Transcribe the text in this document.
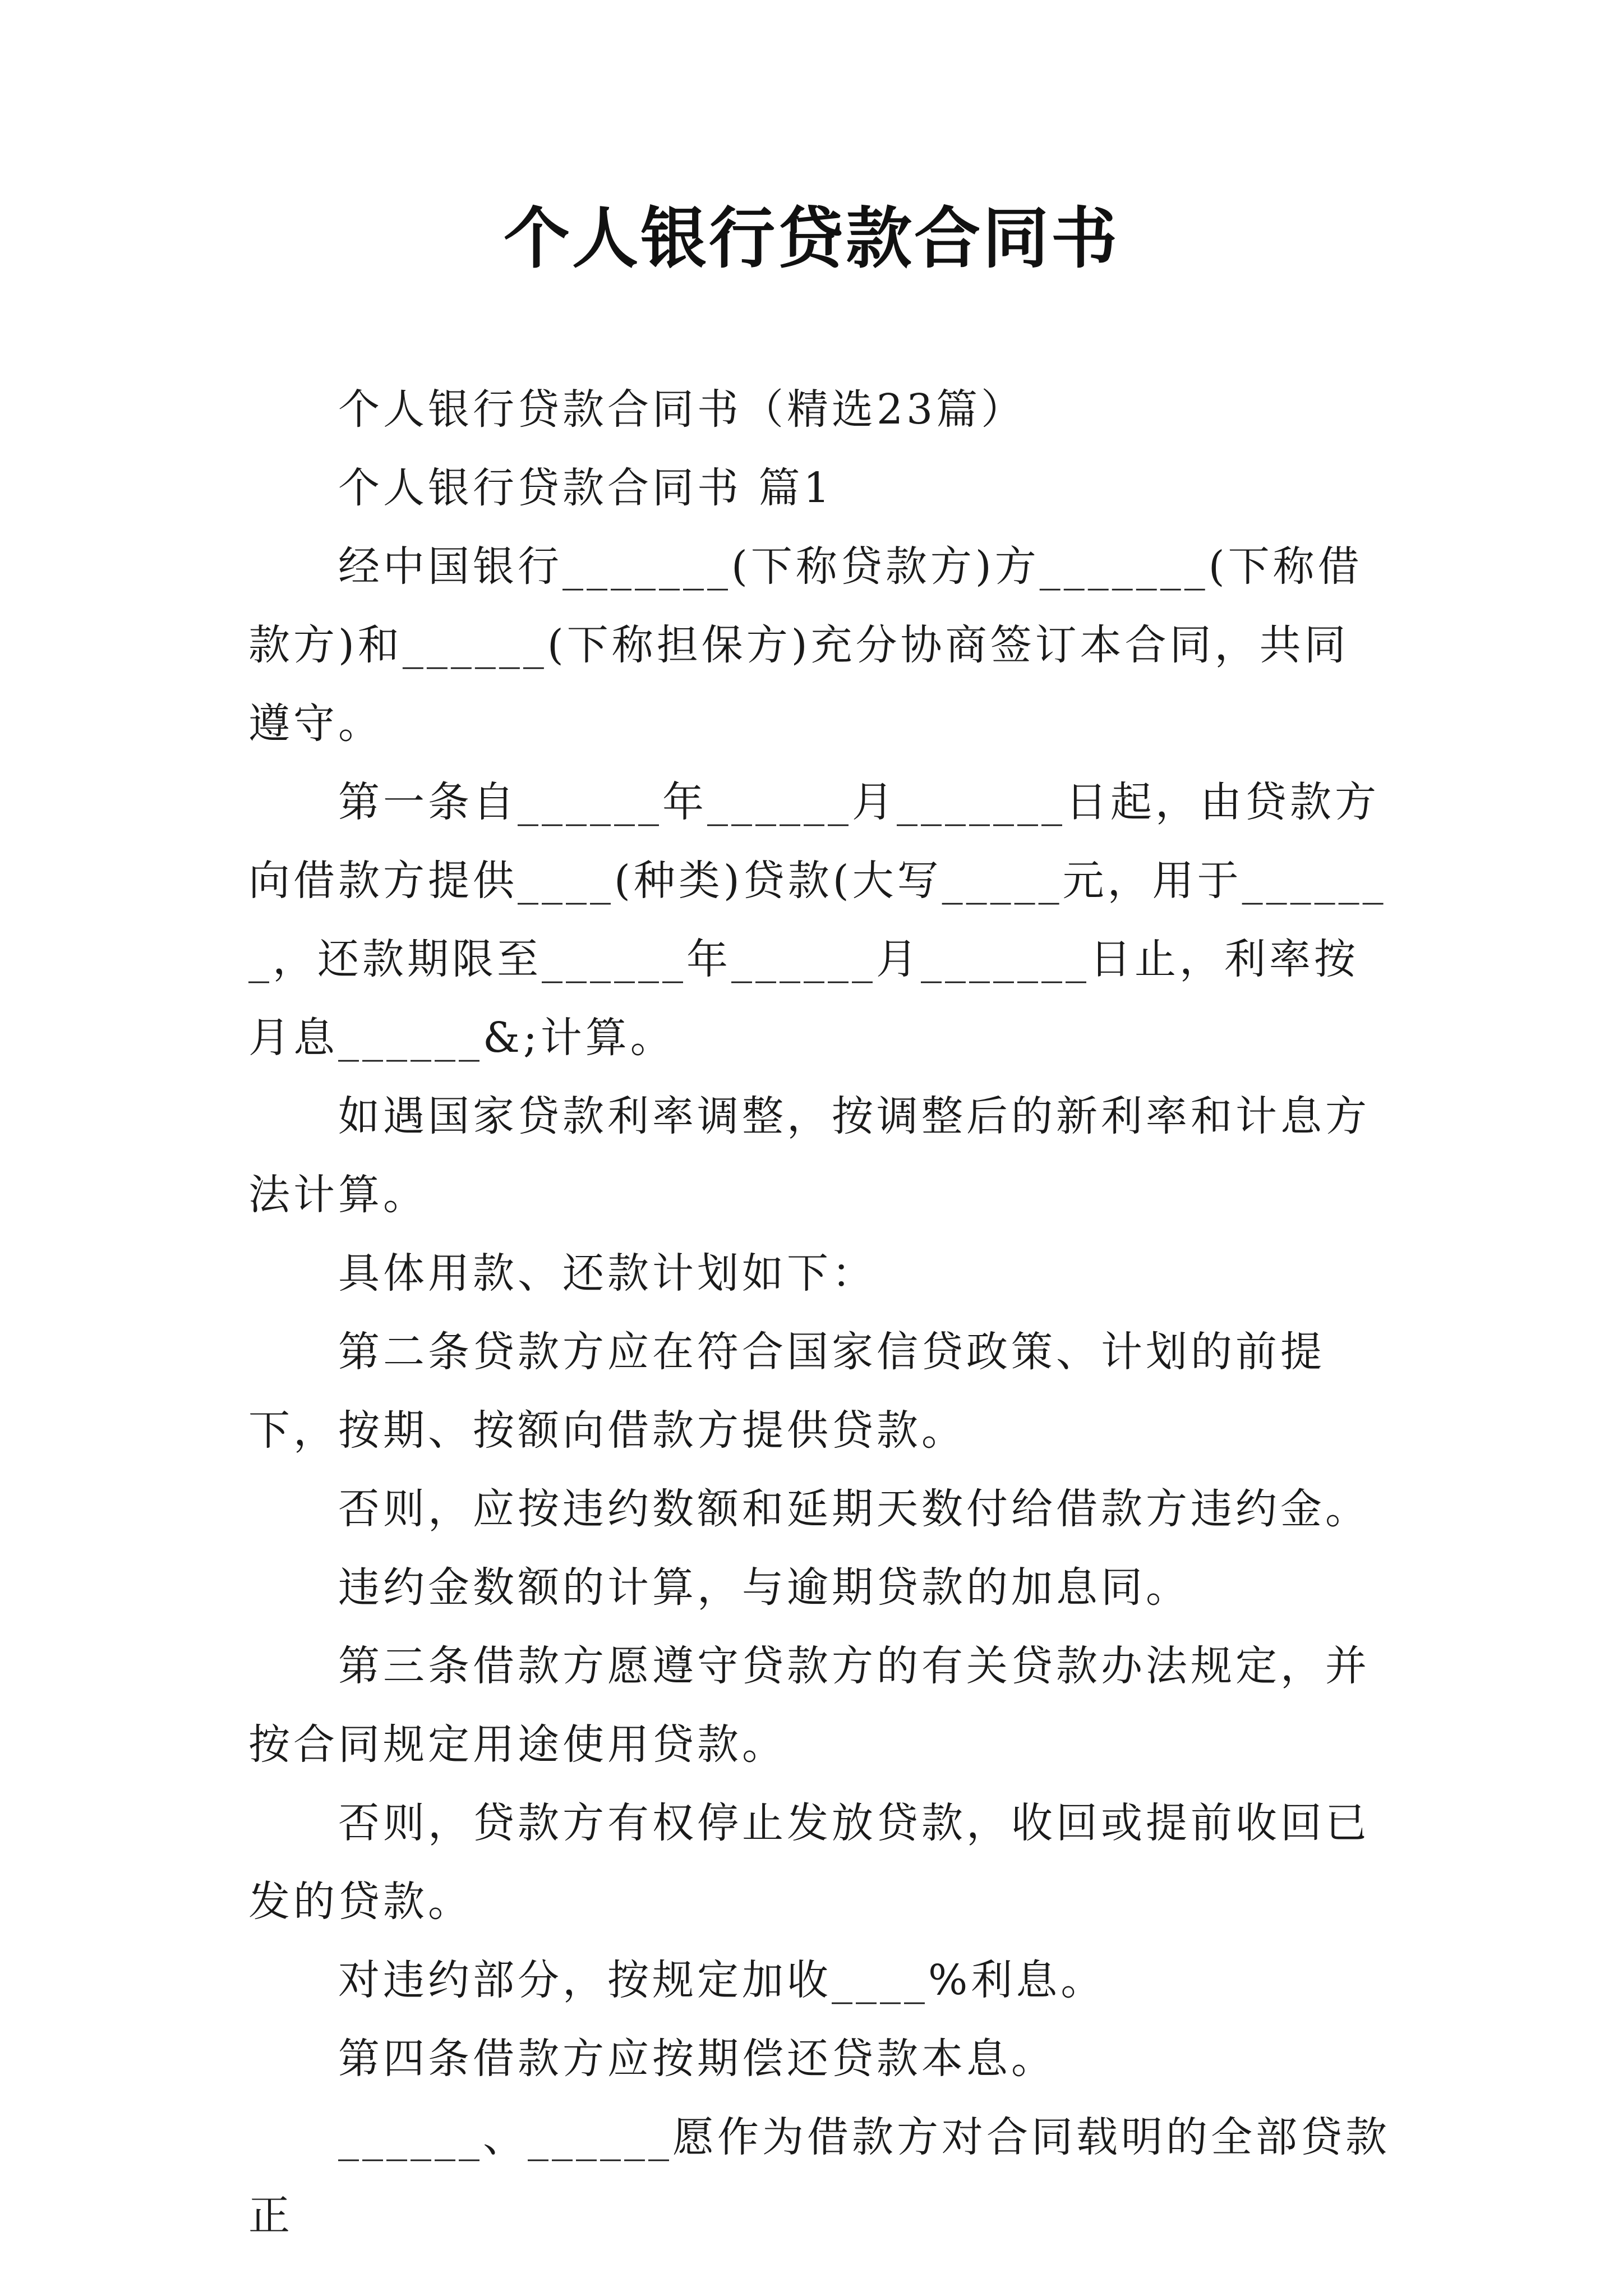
个人银行贷款合同书

个人银行贷款合同书（精选23篇）

个人银行贷款合同书 篇1

经中国银行_______(下称贷款方)方_______(下称借款方)和______(下称担保方)充分协商签订本合同，共同遵守。

第一条自______年______月_______日起，由贷款方向借款方提供____(种类)贷款(大写_____元，用于_______，还款期限至______年______月_______日止，利率按月息______&;计算。

如遇国家贷款利率调整，按调整后的新利率和计息方法计算。

具体用款、还款计划如下：

第二条贷款方应在符合国家信贷政策、计划的前提下，按期、按额向借款方提供贷款。

否则，应按违约数额和延期天数付给借款方违约金。

违约金数额的计算，与逾期贷款的加息同。

第三条借款方愿遵守贷款方的有关贷款办法规定，并按合同规定用途使用贷款。

否则，贷款方有权停止发放贷款，收回或提前收回已发的贷款。

对违约部分，按规定加收____%利息。

第四条借款方应按期偿还贷款本息。

______、______愿作为借款方对合同载明的全部贷款正
